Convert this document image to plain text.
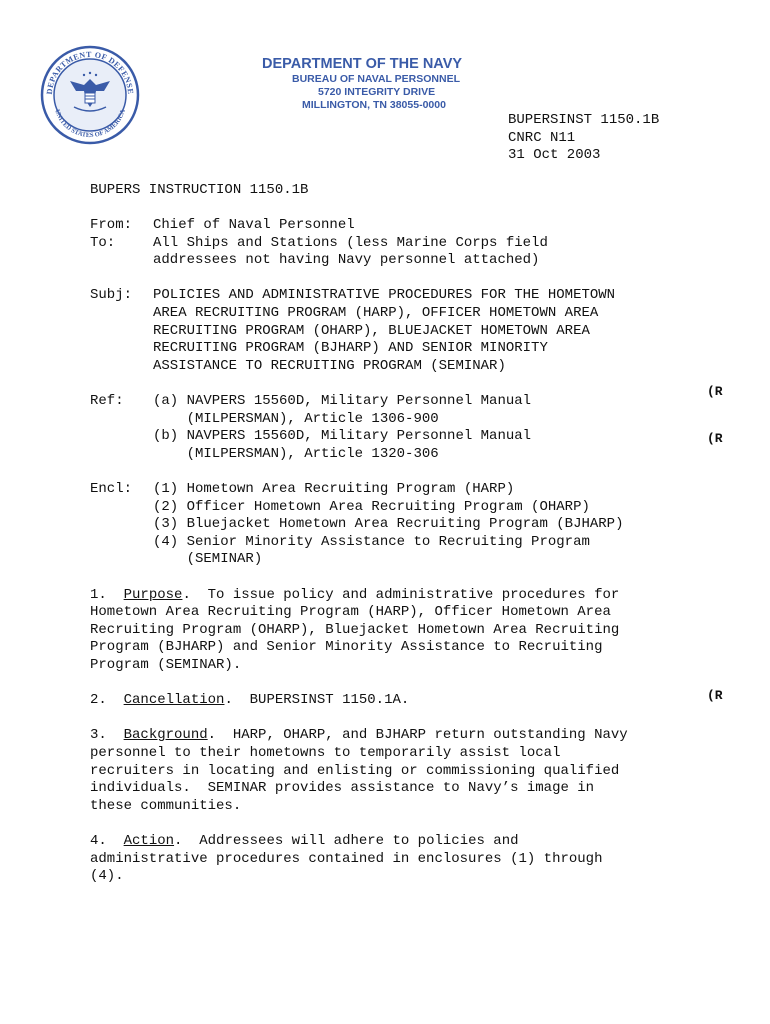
DEPARTMENT OF DEFENSE
UNITED STATES OF AMERICA
DEPARTMENT OF THE NAVY
BUREAU OF NAVAL PERSONNEL
5720 INTEGRITY DRIVE
MILLINGTON, TN 38055-0000
BUPERSINST 1150.1B
CNRC N11
31 Oct 2003
BUPERS INSTRUCTION 1150.1B
From: Chief of Naval Personnel
To:	All Ships and Stations (less Marine Corps field
addressees not having Navy personnel attached)
Subj: POLICIES AND ADMINISTRATIVE PROCEDURES FOR THE HOMETOWN
AREA RECRUITING PROGRAM (HARP), OFFICER HOMETOWN AREA
RECRUITING PROGRAM (OHARP), BLUEJACKET HOMETOWN AREA
RECRUITING PROGRAM (BJHARP) AND SENIOR MINORITY
ASSISTANCE TO RECRUITING PROGRAM (SEMINAR)
(R
(R
(R
Ref: (a) NAVPERS 15560D, Military Personnel Manual
(MILPERSMAN), Article 1306-900
(b) NAVPERS 15560D, Military Personnel Manual
(MILPERSMAN), Article 1320-306
Encl: (1) Hometown Area Recruiting Program (HARP)
(2) Officer Hometown Area Recruiting Program (OHARP)
(3) Bluejacket Hometown Area Recruiting Program (BJHARP)
(4) Senior Minority Assistance to Recruiting Program
(SEMINAR)
1. Purpose.  To issue policy and administrative procedures for
Hometown Area Recruiting Program (HARP), Officer Hometown Area
Recruiting Program (OHARP), Bluejacket Hometown Area Recruiting
Program (BJHARP) and Senior Minority Assistance to Recruiting
Program (SEMINAR).
2. Cancellation.  BUPERSINST 1150.1A.
3. Background.  HARP, OHARP, and BJHARP return outstanding Navy
personnel to their hometowns to temporarily assist local
recruiters in locating and enlisting or commissioning qualified
individuals.  SEMINAR provides assistance to Navy’s image in
these communities.
4. Action.  Addressees will adhere to policies and
administrative procedures contained in enclosures (1) through
(4).
